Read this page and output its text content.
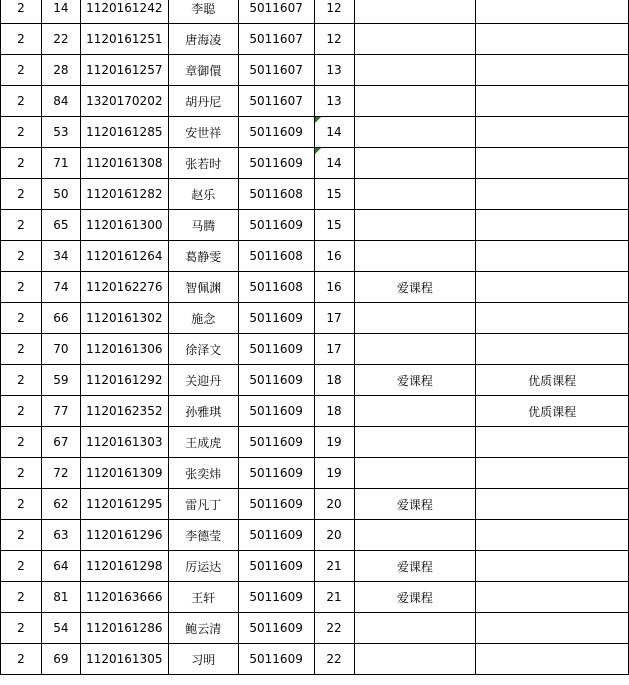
2	14	1120161242	李聪	5011607	12		
2	22	1120161251	唐海凌	5011607	12		
2	28	1120161257	章御儇	5011607	13		
2	84	1320170202	胡丹尼	5011607	13		
2	53	1120161285	安世祥	5011609	14

2	71	1120161308	张若时	5011609	14

2	50	1120161282	赵乐	5011608	15		
2	65	1120161300	马腾	5011609	15		
2	34	1120161264	葛静雯	5011608	16		
2	74	1120162276	智佩渊	5011608	16	爱课程	
2	66	1120161302	施念	5011609	17		
2	70	1120161306	徐泽文	5011609	17		
2	59	1120161292	关迎丹	5011609	18	爱课程	优质课程
2	77	1120162352	孙雅琪	5011609	18		优质课程
2	67	1120161303	王成虎	5011609	19		
2	72	1120161309	张奕炜	5011609	19		
2	62	1120161295	雷凡丁	5011609	20	爱课程	
2	63	1120161296	李德莹	5011609	20		
2	64	1120161298	厉运达	5011609	21	爱课程	
2	81	1120163666	王轩	5011609	21	爱课程	
2	54	1120161286	鲍云清	5011609	22		
2	69	1120161305	习明	5011609	22		
